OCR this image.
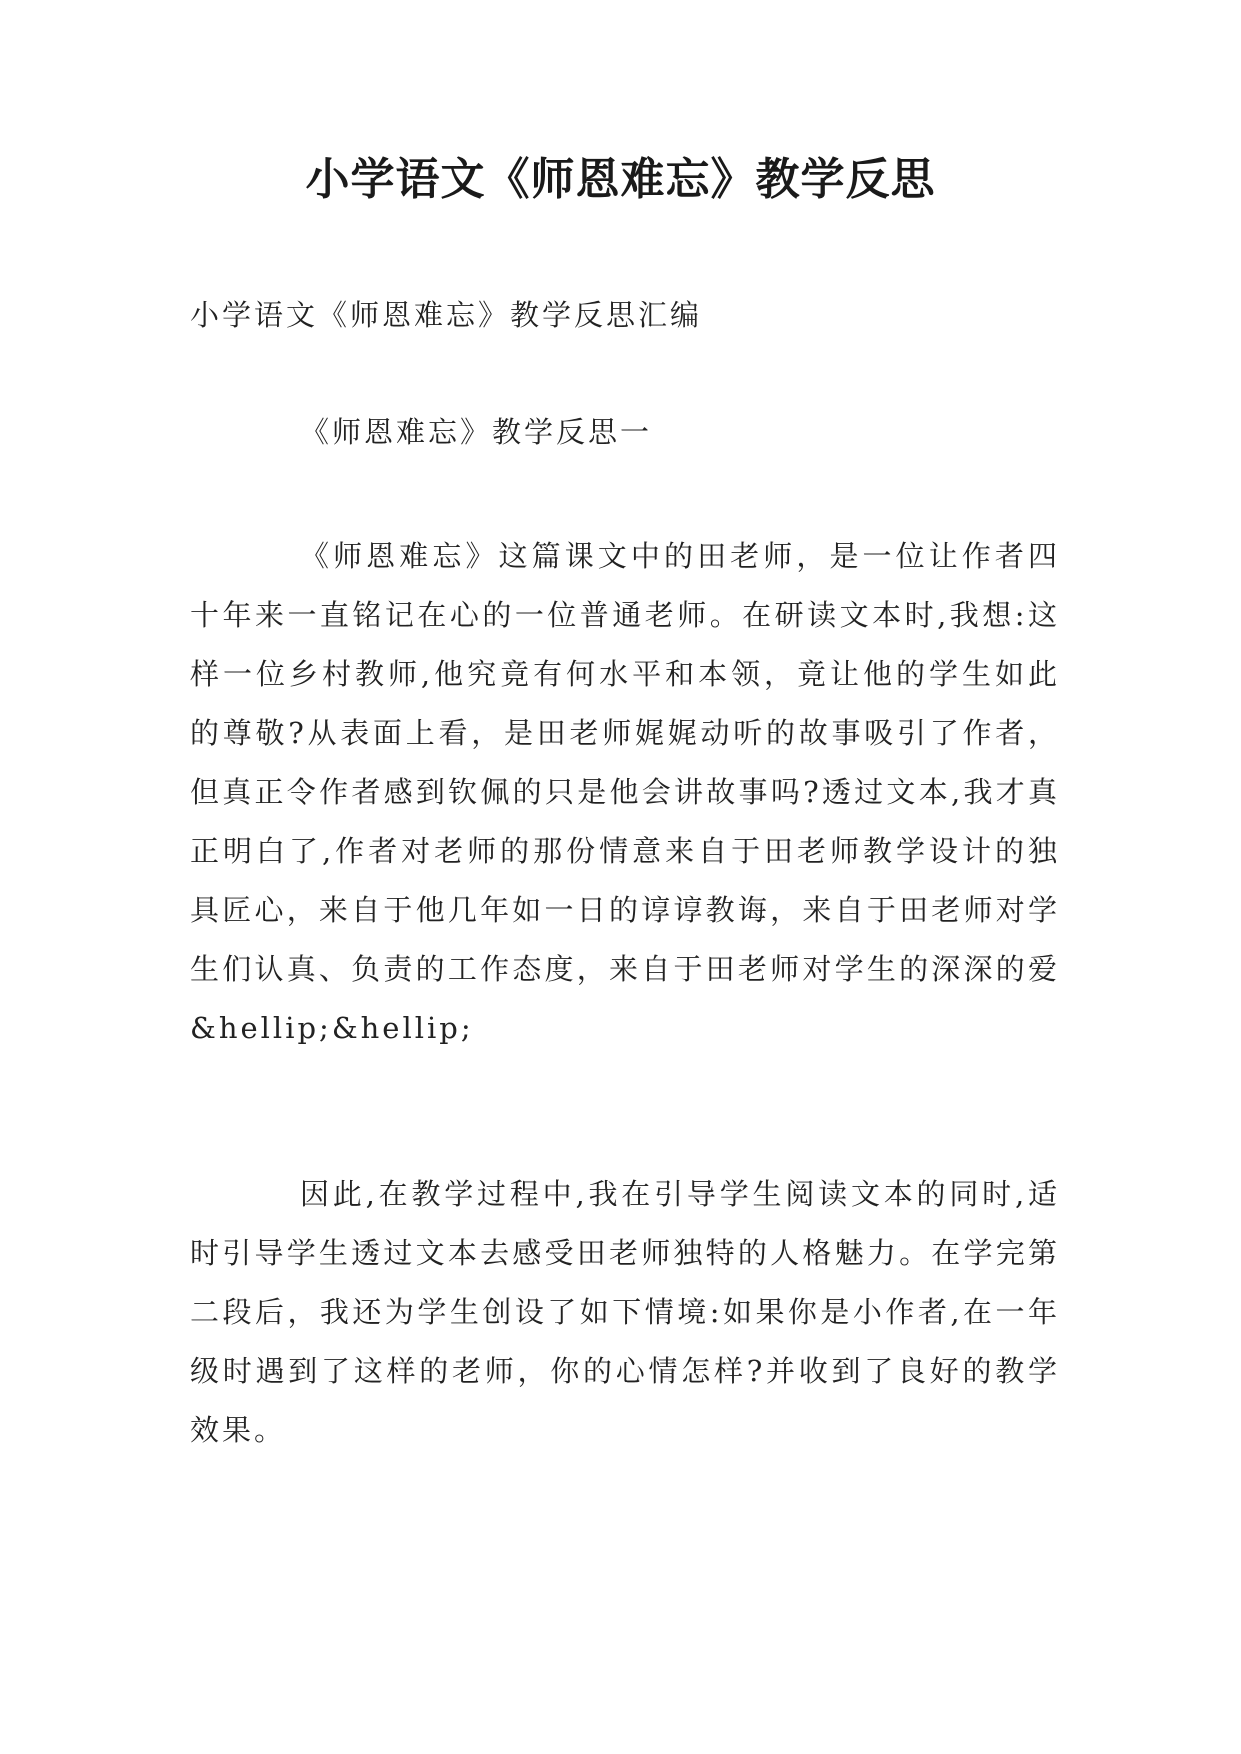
小学语文《师恩难忘》教学反思

小学语文《师恩难忘》教学反思汇编

《师恩难忘》教学反思一

《师恩难忘》这篇课文中的田老师，是一位让作者四十年来一直铭记在心的一位普通老师。在研读文本时,我想:这样一位乡村教师,他究竟有何水平和本领，竟让他的学生如此的尊敬?从表面上看，是田老师娓娓动听的故事吸引了作者，但真正令作者感到钦佩的只是他会讲故事吗?透过文本,我才真正明白了,作者对老师的那份情意来自于田老师教学设计的独具匠心，来自于他几年如一日的谆谆教诲，来自于田老师对学生们认真、负责的工作态度，来自于田老师对学生的深深的爱&hellip;&hellip;

因此,在教学过程中,我在引导学生阅读文本的同时,适时引导学生透过文本去感受田老师独特的人格魅力。在学完第二段后，我还为学生创设了如下情境:如果你是小作者,在一年级时遇到了这样的老师，你的心情怎样?并收到了良好的教学效果。
